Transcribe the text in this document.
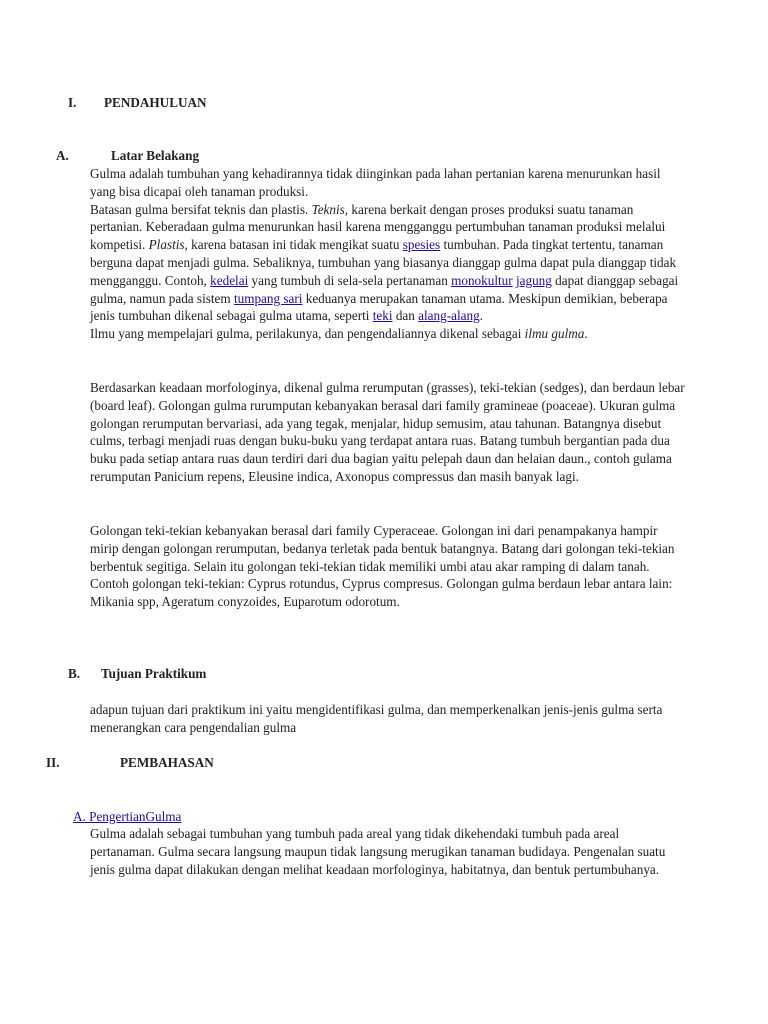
I. PENDAHULUAN
A.	Latar Belakang

Gulma adalah tumbuhan yang kehadirannya tidak diinginkan pada lahan pertanian karena menurunkan hasil yang bisa dicapai oleh tanaman produksi.

Batasan gulma bersifat teknis dan plastis. Teknis, karena berkait dengan proses produksi suatu tanaman pertanian. Keberadaan gulma menurunkan hasil karena mengganggu pertumbuhan tanaman produksi melalui kompetisi. Plastis, karena batasan ini tidak mengikat suatu spesies tumbuhan. Pada tingkat tertentu, tanaman berguna dapat menjadi gulma. Sebaliknya, tumbuhan yang biasanya dianggap gulma dapat pula dianggap tidak mengganggu. Contoh, kedelai yang tumbuh di sela-sela pertanaman monokultur jagung dapat dianggap sebagai gulma, namun pada sistem tumpang sari keduanya merupakan tanaman utama. Meskipun demikian, beberapa jenis tumbuhan dikenal sebagai gulma utama, seperti teki dan alang-alang.

Ilmu yang mempelajari gulma, perilakunya, dan pengendaliannya dikenal sebagai ilmu gulma.

Berdasarkan keadaan morfologinya, dikenal gulma rerumputan (grasses), teki-tekian (sedges), dan berdaun lebar (board leaf). Golongan gulma rurumputan kebanyakan berasal dari family gramineae (poaceae). Ukuran gulma golongan rerumputan bervariasi, ada yang tegak, menjalar, hidup semusim, atau tahunan. Batangnya disebut culms, terbagi menjadi ruas dengan buku-buku yang terdapat antara ruas. Batang tumbuh bergantian pada dua buku pada setiap antara ruas daun terdiri dari dua bagian yaitu pelepah daun dan helaian daun., contoh gulama rerumputan Panicium repens, Eleusine indica, Axonopus compressus dan masih banyak lagi.
Golongan teki-tekian kebanyakan berasal dari family Cyperaceae. Golongan ini dari penampakanya hampir mirip dengan golongan rerumputan, bedanya terletak pada bentuk batangnya. Batang dari golongan teki-tekian berbentuk segitiga. Selain itu golongan teki-tekian tidak memiliki umbi atau akar ramping di dalam tanah. Contoh golongan teki-tekian: Cyprus rotundus, Cyprus compresus. Golongan gulma berdaun lebar antara lain: Mikania spp, Ageratum conyzoides, Euparotum odorotum.
B. Tujuan Praktikum
adapun tujuan dari praktikum ini yaitu mengidentifikasi gulma, dan memperkenalkan jenis-jenis gulma serta menerangkan cara pengendalian gulma
II.	PEMBAHASAN
A. PengertianGulma
Gulma adalah sebagai tumbuhan yang tumbuh pada areal yang tidak dikehendaki tumbuh pada areal pertanaman. Gulma secara langsung maupun tidak langsung merugikan tanaman budidaya. Pengenalan suatu jenis gulma dapat dilakukan dengan melihat keadaan morfologinya, habitatnya, dan bentuk pertumbuhanya.
